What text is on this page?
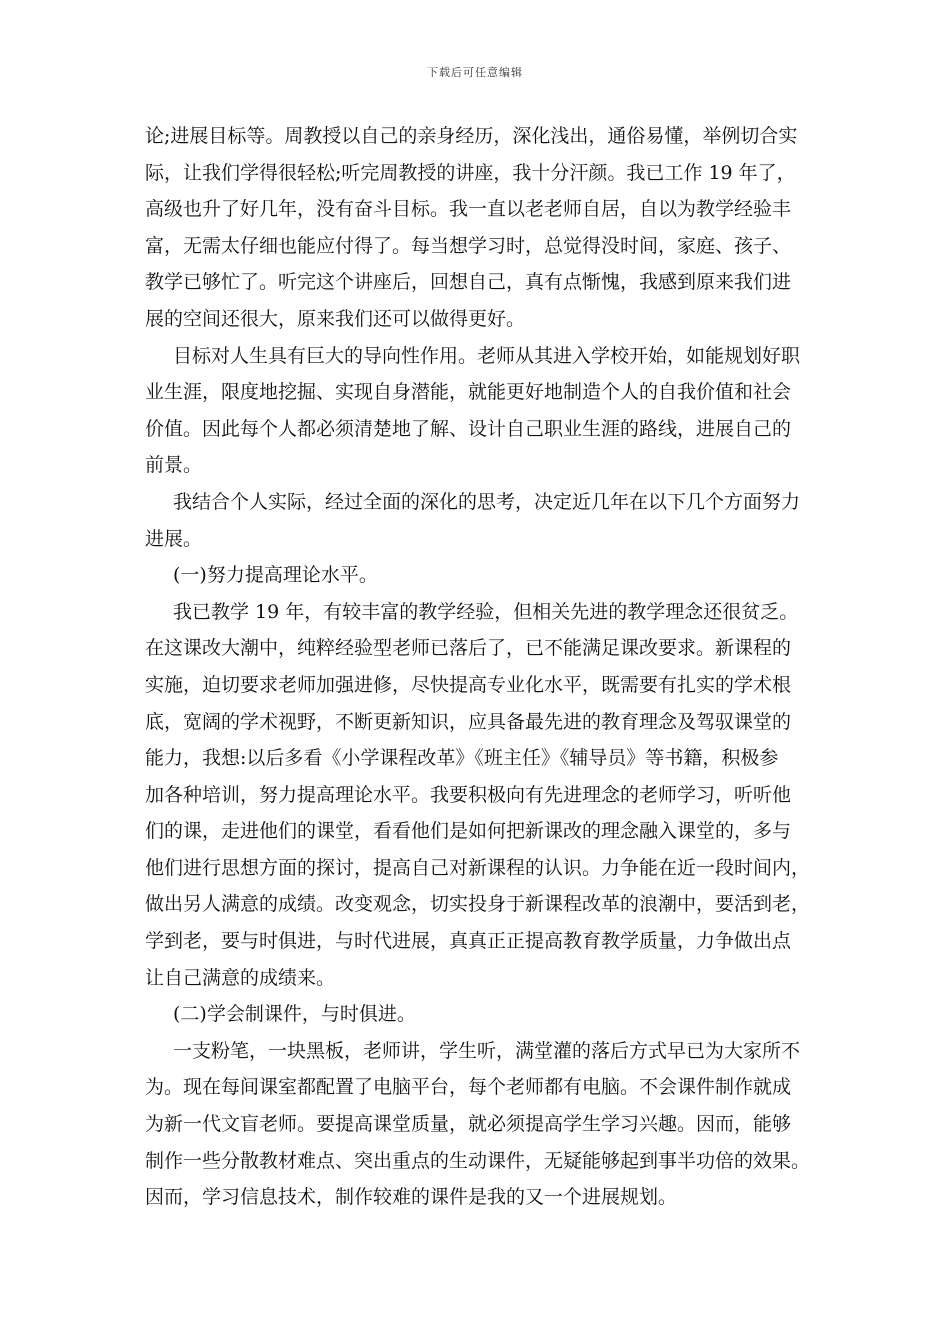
下载后可任意编辑
论;进展目标等。周教授以自己的亲身经历，深化浅出，通俗易懂，举例切合实
际，让我们学得很轻松;听完周教授的讲座，我十分汗颜。我已工作 19 年了，
高级也升了好几年，没有奋斗目标。我一直以老老师自居，自以为教学经验丰
富，无需太仔细也能应付得了。每当想学习时，总觉得没时间，家庭、孩子、
教学已够忙了。听完这个讲座后，回想自己，真有点惭愧，我感到原来我们进
展的空间还很大，原来我们还可以做得更好。
目标对人生具有巨大的导向性作用。老师从其进入学校开始，如能规划好职
业生涯，限度地挖掘、实现自身潜能，就能更好地制造个人的自我价值和社会
价值。因此每个人都必须清楚地了解、设计自己职业生涯的路线，进展自己的
前景。
我结合个人实际，经过全面的深化的思考，决定近几年在以下几个方面努力
进展。
(一)努力提高理论水平。
我已教学 19 年，有较丰富的教学经验，但相关先进的教学理念还很贫乏。
在这课改大潮中，纯粹经验型老师已落后了，已不能满足课改要求。新课程的
实施，迫切要求老师加强进修，尽快提高专业化水平，既需要有扎实的学术根
底，宽阔的学术视野，不断更新知识，应具备最先进的教育理念及驾驭课堂的
能力，我想:以后多看《小学课程改革》《班主任》《辅导员》等书籍，积极参
加各种培训，努力提高理论水平。我要积极向有先进理念的老师学习，听听他
们的课，走进他们的课堂，看看他们是如何把新课改的理念融入课堂的，多与
他们进行思想方面的探讨，提高自己对新课程的认识。力争能在近一段时间内，
做出另人满意的成绩。改变观念，切实投身于新课程改革的浪潮中，要活到老，
学到老，要与时俱进，与时代进展，真真正正提高教育教学质量，力争做出点
让自己满意的成绩来。
(二)学会制课件，与时俱进。
一支粉笔，一块黑板，老师讲，学生听，满堂灌的落后方式早已为大家所不
为。现在每间课室都配置了电脑平台，每个老师都有电脑。不会课件制作就成
为新一代文盲老师。要提高课堂质量，就必须提高学生学习兴趣。因而，能够
制作一些分散教材难点、突出重点的生动课件，无疑能够起到事半功倍的效果。
因而，学习信息技术，制作较难的课件是我的又一个进展规划。
